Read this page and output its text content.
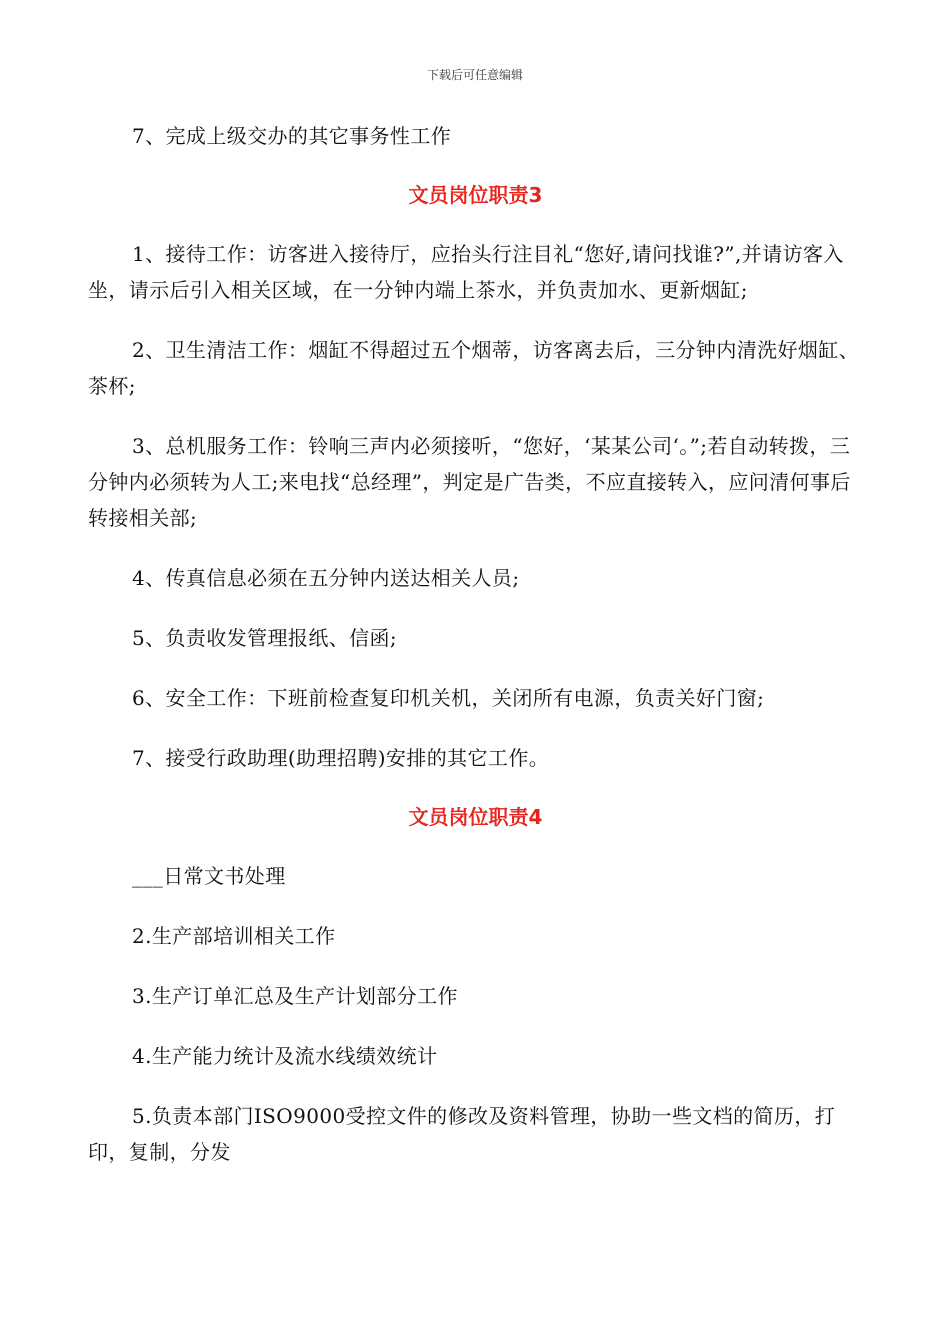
下载后可任意编辑

7、完成上级交办的其它事务性工作

文员岗位职责3

1、接待工作：访客进入接待厅，应抬头行注目礼“您好,请问找谁?”,并请访客入坐，请示后引入相关区域，在一分钟内端上茶水，并负责加水、更新烟缸;

2、卫生清洁工作：烟缸不得超过五个烟蒂，访客离去后，三分钟内清洗好烟缸、茶杯;

3、总机服务工作：铃响三声内必须接听，“您好，‘某某公司‘。”;若自动转拨，三分钟内必须转为人工;来电找“总经理”，判定是广告类，不应直接转入，应问清何事后转接相关部;

4、传真信息必须在五分钟内送达相关人员;

5、负责收发管理报纸、信函;

6、安全工作：下班前检查复印机关机，关闭所有电源，负责关好门窗;

7、接受行政助理(助理招聘)安排的其它工作。

文员岗位职责4

___日常文书处理

2.生产部培训相关工作

3.生产订单汇总及生产计划部分工作

4.生产能力统计及流水线绩效统计

5.负责本部门ISO9000受控文件的修改及资料管理，协助一些文档的简历，打印，复制，分发
